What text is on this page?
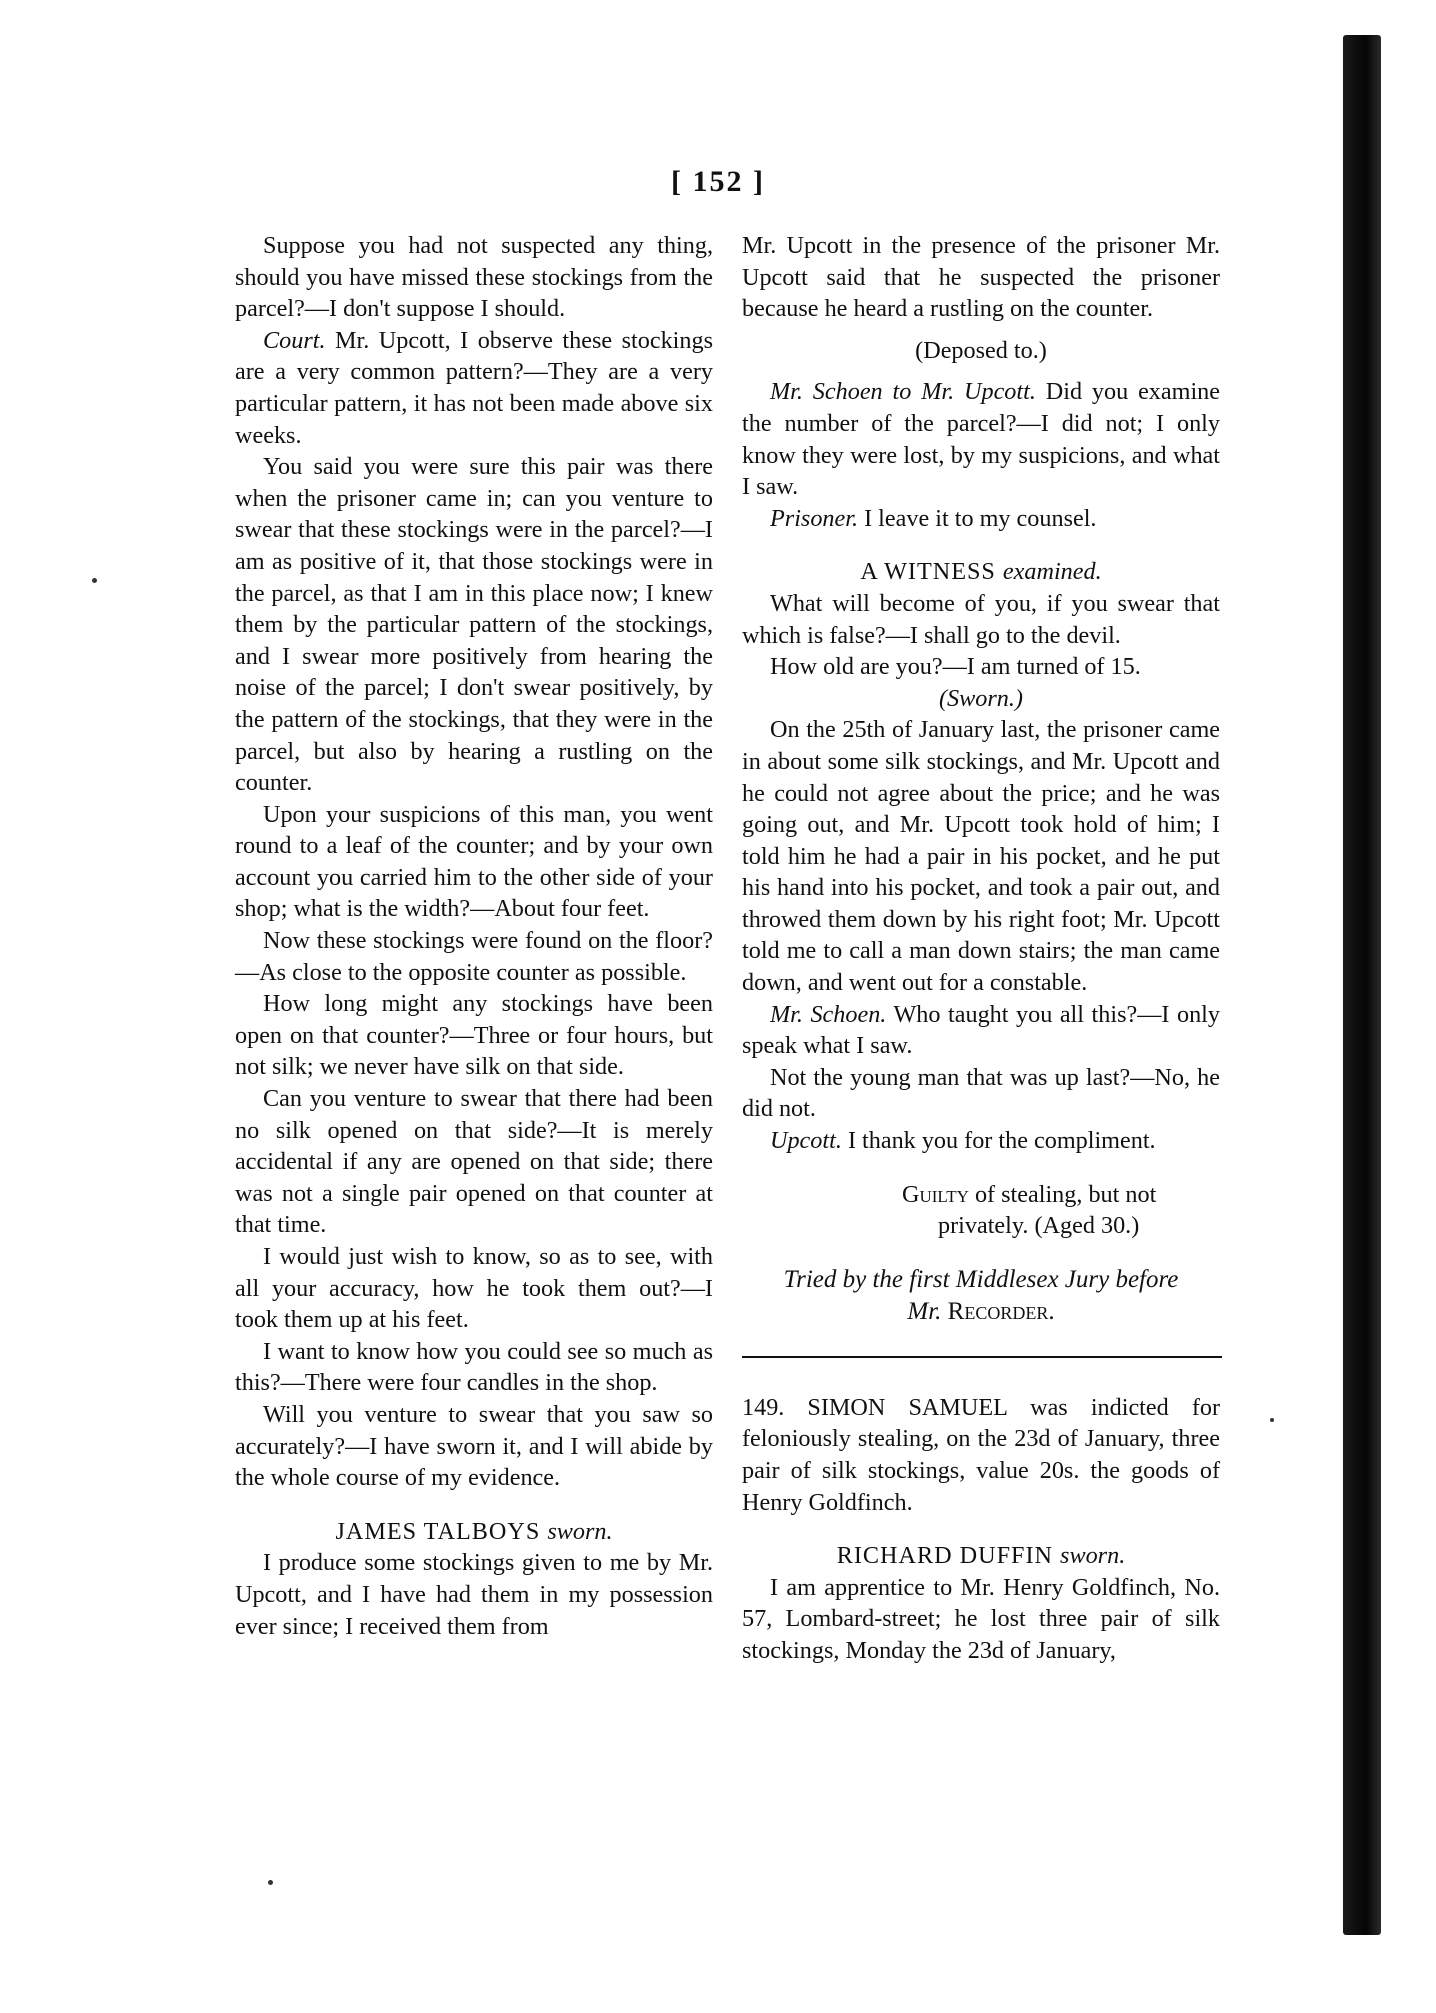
[ 152 ]

Suppose you had not suspected any thing, should you have missed these stockings from the parcel?—I don't suppose I should.

Court. Mr. Upcott, I observe these stockings are a very common pattern?—They are a very particular pattern, it has not been made above six weeks.

You said you were sure this pair was there when the prisoner came in; can you venture to swear that these stockings were in the parcel?—I am as positive of it, that those stockings were in the parcel, as that I am in this place now; I knew them by the particular pattern of the stockings, and I swear more positively from hearing the noise of the parcel; I don't swear positively, by the pattern of the stockings, that they were in the parcel, but also by hearing a rustling on the counter.

Upon your suspicions of this man, you went round to a leaf of the counter; and by your own account you carried him to the other side of your shop; what is the width?—About four feet.

Now these stockings were found on the floor?—As close to the opposite counter as possible.

How long might any stockings have been open on that counter?—Three or four hours, but not silk; we never have silk on that side.

Can you venture to swear that there had been no silk opened on that side?—It is merely accidental if any are opened on that side; there was not a single pair opened on that counter at that time.

I would just wish to know, so as to see, with all your accuracy, how he took them out?—I took them up at his feet.

I want to know how you could see so much as this?—There were four candles in the shop.

Will you venture to swear that you saw so accurately?—I have sworn it, and I will abide by the whole course of my evidence.

JAMES TALBOYS sworn.

I produce some stockings given to me by Mr. Upcott, and I have had them in my possession ever since; I received them from

Mr. Upcott in the presence of the prisoner Mr. Upcott said that he suspected the prisoner because he heard a rustling on the counter.

(Deposed to.)

Mr. Schoen to Mr. Upcott. Did you examine the number of the parcel?—I did not; I only know they were lost, by my suspicions, and what I saw.

Prisoner. I leave it to my counsel.

A WITNESS examined.

What will become of you, if you swear that which is false?—I shall go to the devil.

How old are you?—I am turned of 15.

(Sworn.)

On the 25th of January last, the prisoner came in about some silk stockings, and Mr. Upcott and he could not agree about the price; and he was going out, and Mr. Upcott took hold of him; I told him he had a pair in his pocket, and he put his hand into his pocket, and took a pair out, and throwed them down by his right foot; Mr. Upcott told me to call a man down stairs; the man came down, and went out for a constable.

Mr. Schoen. Who taught you all this?—I only speak what I saw.

Not the young man that was up last?—No, he did not.

Upcott. I thank you for the compliment.

Guilty of stealing, but not
privately. (Aged 30.)

Tried by the first Middlesex Jury before
Mr. Recorder.

149. SIMON SAMUEL was indicted for feloniously stealing, on the 23d of January, three pair of silk stockings, value 20s. the goods of Henry Goldfinch.

RICHARD DUFFIN sworn.

I am apprentice to Mr. Henry Goldfinch, No. 57, Lombard-street; he lost three pair of silk stockings, Monday the 23d of January,
